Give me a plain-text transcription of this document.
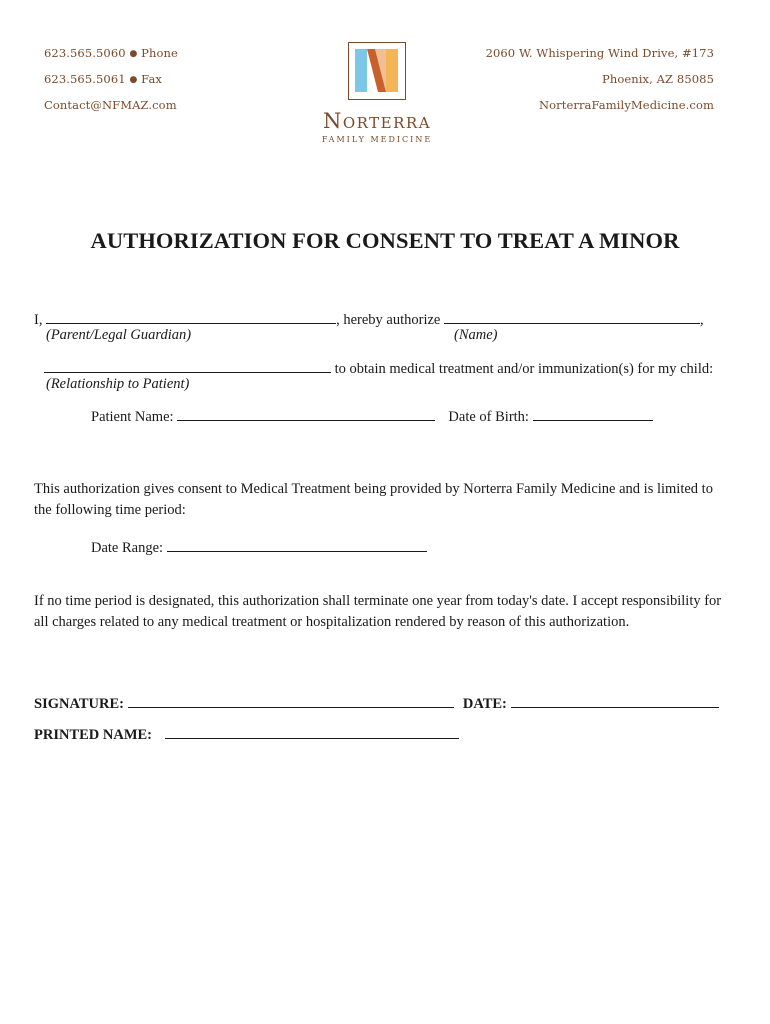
623.565.5060 ● Phone
623.565.5061 ● Fax
Contact@NFMAZ.com
2060 W. Whispering Wind Drive, #173
Phoenix, AZ 85085
NorterraFamilyMedicine.com
Norterra
FAMILY MEDICINE
AUTHORIZATION FOR CONSENT TO TREAT A MINOR
I,	, hereby authorize	,
(Parent/Legal Guardian)	(Name)
to obtain medical treatment and/or immunization(s) for my child:
(Relationship to Patient)
Patient Name:	Date of Birth:
This authorization gives consent to Medical Treatment being provided by Norterra Family Medicine and is limited to the following time period:
Date Range:
If no time period is designated, this authorization shall terminate one year from today's date. I accept responsibility for all charges related to any medical treatment or hospitalization rendered by reason of this authorization.
SIGNATURE:	DATE:
PRINTED NAME:
